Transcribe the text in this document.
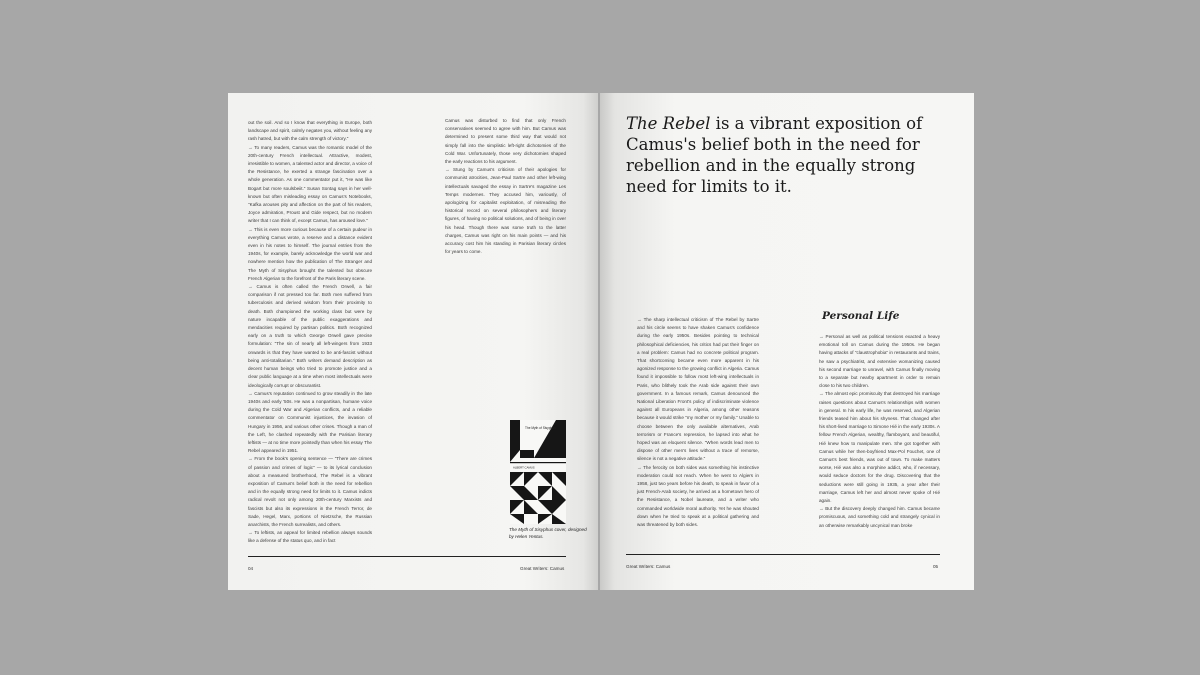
out the soil. And so I know that everything in Europe, both landscape and spirit, calmly negates you, without feeling any rash hatred, but with the calm strength of victory."
→ To many readers, Camus was the romantic model of the 20th-century French intellectual. Attractive, modest, irresistible to women, a talented actor and director, a voice of the Resistance, he exerted a strange fascination over a whole generation. As one commentator put it, "He was like Bogart but more soulsbeiit." Susan Sontag says in her well-known but often misleading essay on Camus's Notebooks, "Kafka arouses pity and affection on the part of his readers, Joyce admiration, Proust and Gide respect, but no modern writer that I can think of, except Camus, has aroused love."
→ This is even more curious because of a certain pudeur in everything Camus wrote, a reserve and a distance evident even in his notes to himself. The journal entries from the 1940s, for example, barely acknowledge the world war and nowhere mention how the publication of The Stranger and The Myth of Sisyphus brought the talented but obscure French Algerian to the forefront of the Paris literary scene.
→ Camus is often called the French Orwell, a fair comparison if not pressed too far. Both men suffered from tuberculosis and derived wisdom from their proximity to death. Both championed the working class but were by nature incapable of the public exaggerations and mendacities required by partisan politics. Both recognized early on a truth to which George Orwell gave precise formulation: "The sin of nearly all left-wingers from 1933 onwards is that they have wanted to be anti-fascist without being anti-totalitarian." Both writers demand description as decent human beings who tried to promote justice and a clear public language at a time when most intellectuals were ideologically corrupt or obscurantist.
→ Camus's reputation continued to grow steadily in the late 1940s and early '50s. He was a nonpartisan, humane voice during the Cold War and Algerian conflicts, and a reliable commentator on Communist injustices, the invasion of Hungary in 1956, and various other crises. Though a man of the Left, he clashed repeatedly with the Parisian literary leftists — at no time more pointedly than when his essay The Rebel appeared in 1951.
→ From the book's opening sentence — "There are crimes of passion and crimes of logic" — to its lyrical conclusion about a measured brotherhood, The Rebel is a vibrant exposition of Camus's belief both in the need for rebellion and in the equally strong need for limits to it. Camus indicts radical revolt not only among 20th-century Marxists and fascists but also its expressions in the French Terror, de Sade, Hegel, Marx, portions of Nietzsche, the Russian anarchists, the French surrealists, and others.
→ To leftists, an appeal for limited rebellion always sounds like a defense of the status quo, and in fact

Camus was disturbed to find that only French conservatives seemed to agree with him. But Camus was determined to present some third way that would not simply fall into the simplistic left-right dichotomies of the Cold War. Unfortunately, those very dichotomies shaped the early reactions to his argument.
→ Stung by Camus's criticism of their apologies for communist atrocities, Jean-Paul Sartre and other left-wing intellectuals savaged the essay in Sartre's magazine Les Temps modernes. They accused him, variously, of apologizing for capitalist exploitation, of misreading the historical record on several philosophers and literary figures, of having no political solutions, and of being in over his head. Though there was some truth to the latter charges, Camus was right on his main points — and his accuracy cost him his standing in Parisian literary circles for years to come.

The Myth of Sisyphus
ALBERT CAMUS

The Myth of Sisyphus cover, designed by Helen Yentus.

04	Great Writers: Camus

The Rebel is a vibrant exposition of Camus's belief both in the need for rebellion and in the equally strong need for limits to it.

→ The sharp intellectual criticism of The Rebel by Sartre and his circle seems to have shaken Camus's confidence during the early 1950s. Besides pointing to technical philosophical deficiencies, his critics had put their finger on a real problem: Camus had no concrete political program. That shortcoming became even more apparent in his agonized response to the growing conflict in Algeria. Camus found it impossible to follow most left-wing intellectuals in Paris, who blithely took the Arab side against their own government. In a famous remark, Camus denounced the National Liberation Front's policy of indiscriminate violence against all Europeans in Algeria, among other reasons because it would strike "my mother or my family." Unable to choose between the only available alternatives, Arab terrorism or France's repression, he lapsed into what he hoped was an eloquent silence. "When words lead men to dispose of other men's lives without a trace of remorse, silence is not a negative attitude."
→ The ferocity on both sides was something his instinctive moderation could not reach. When he went to Algiers in 1958, just two years before his death, to speak in favor of a just French-Arab society, he arrived as a hometown hero of the Resistance, a Nobel laureate, and a writer who commanded worldwide moral authority. Yet he was shouted down when he tried to speak at a political gathering and was threatened by both sides.

Personal Life

→ Personal as well as political tensions exacted a heavy emotional toll on Camus during the 1950s. He began having attacks of "claustrophobia" in restaurants and trains, he saw a psychiatrist, and extensive womanizing caused his second marriage to unravel, with Camus finally moving to a separate but nearby apartment in order to remain close to his two children.
→ The almost epic promiscuity that destroyed his marriage raises questions about Camus's relationships with women in general. In his early life, he was reserved, and Algerian friends teased him about his shyness. That changed after his short-lived marriage to Simone Hié in the early 1930s. A fellow French Algerian, wealthy, flamboyant, and beautiful, Hié knew how to manipulate men. She got together with Camus while her then-boyfriend Max-Pol Fouchet, one of Camus's best friends, was out of town. To make matters worse, Hié was also a morphine addict, who, if necessary, would seduce doctors for the drug. Discovering that the seductions were still going in 1935, a year after their marriage, Camus left her and almost never spoke of Hié again.
→ But the discovery deeply changed him. Camus became promiscuous, and something cold and strangely cynical in an otherwise remarkably uncynical man broke

Great Writers: Camus	05
